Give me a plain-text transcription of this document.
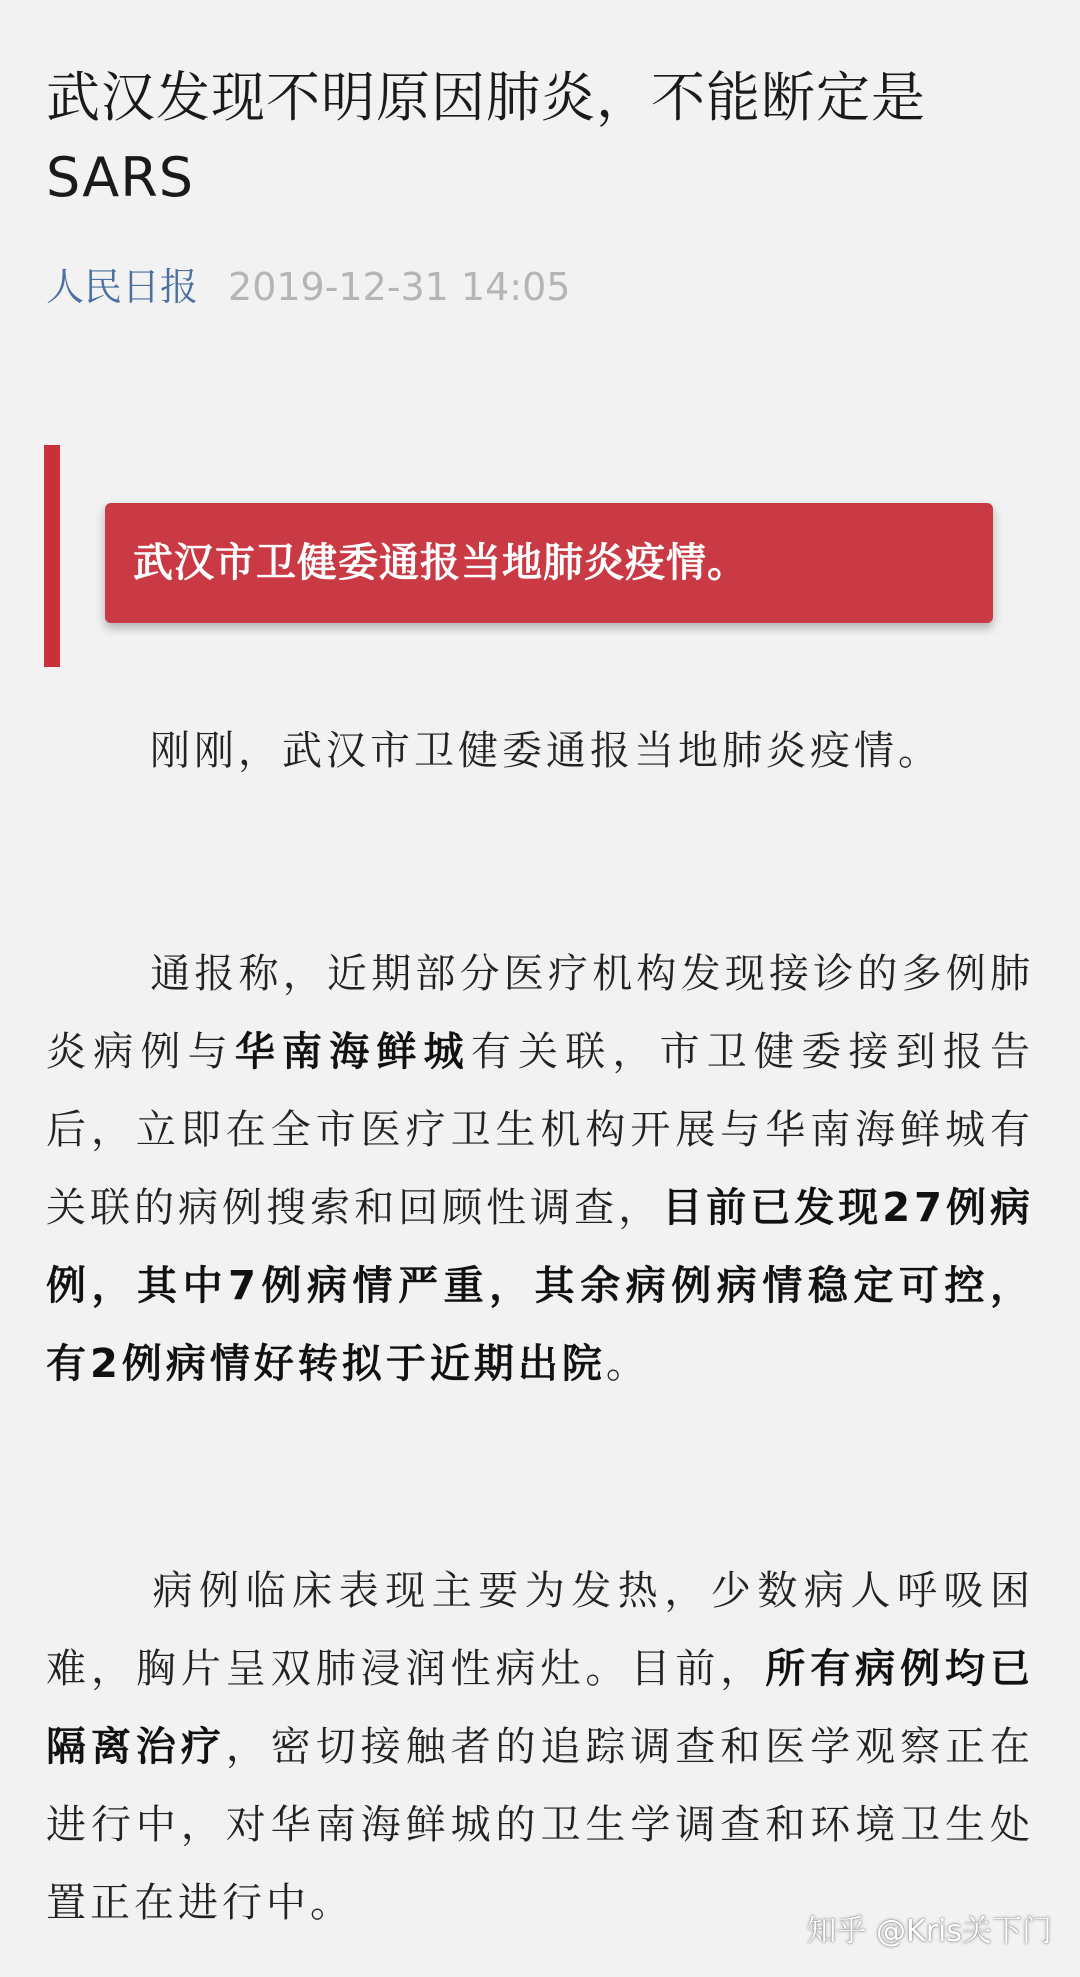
武汉发现不明原因肺炎，不能断定是SARS
人民日报 2019-12-31 14:05
武汉市卫健委通报当地肺炎疫情。

刚刚，武汉市卫健委通报当地肺炎疫情。

通报称，近期部分医疗机构发现接诊的多例肺炎病例与华南海鲜城有关联，市卫健委接到报告后，立即在全市医疗卫生机构开展与华南海鲜城有关联的病例搜索和回顾性调查，目前已发现27例病例，其中7例病情严重，其余病例病情稳定可控，有2例病情好转拟于近期出院。

病例临床表现主要为发热，少数病人呼吸困难，胸片呈双肺浸润性病灶。目前，所有病例均已隔离治疗，密切接触者的追踪调查和医学观察正在进行中，对华南海鲜城的卫生学调查和环境卫生处置正在进行中。

知乎 @Kris关下门
